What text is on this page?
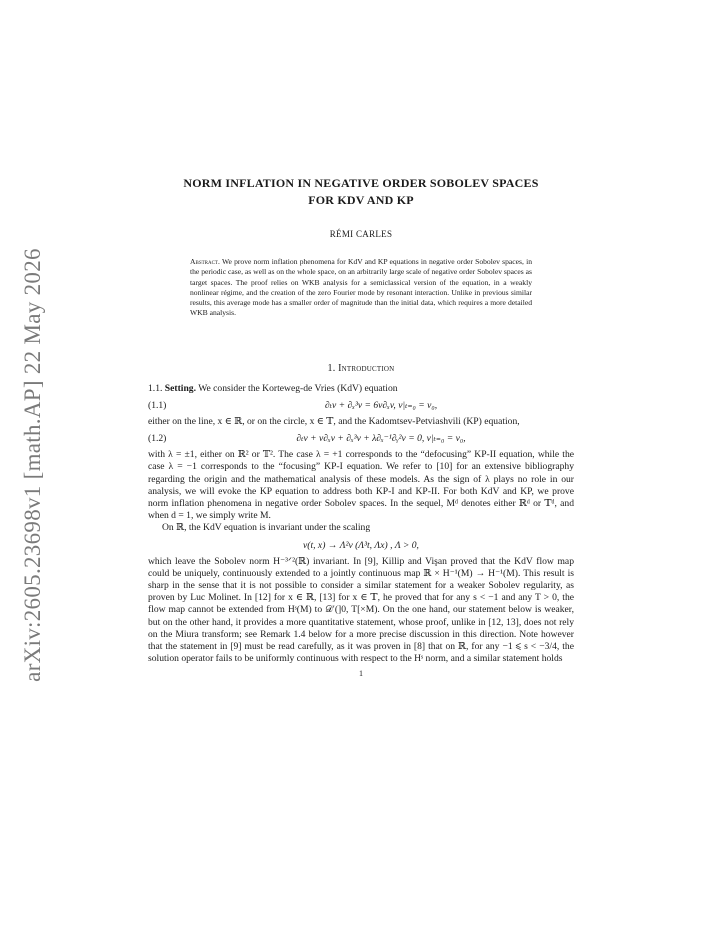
arXiv:2605.23698v1 [math.AP] 22 May 2026
NORM INFLATION IN NEGATIVE ORDER SOBOLEV SPACES
FOR KDV AND KP
RÉMI CARLES
Abstract. We prove norm inflation phenomena for KdV and KP equations in negative order Sobolev spaces, in the periodic case, as well as on the whole space, on an arbitrarily large scale of negative order Sobolev spaces as target spaces. The proof relies on WKB analysis for a semiclassical version of the equation, in a weakly nonlinear régime, and the creation of the zero Fourier mode by resonant interaction. Unlike in previous similar results, this average mode has a smaller order of magnitude than the initial data, which requires a more detailed WKB analysis.
1. Introduction

1.1. Setting. We consider the Korteweg-de Vries (KdV) equation

(1.1)	∂ₜv + ∂ₓ³v = 6v∂ₓv, v|ₜ₌₀ = v₀,

either on the line, x ∈ ℝ, or on the circle, x ∈ 𝕋, and the Kadomtsev-Petviashvili (KP) equation,

(1.2)	∂ₜv + v∂ₓv + ∂ₓ³v + λ∂ₓ⁻¹∂ᵧ²v = 0, v|ₜ₌₀ = v₀,

with λ = ±1, either on ℝ² or 𝕋². The case λ = +1 corresponds to the “defocusing” KP-II equation, while the case λ = −1 corresponds to the “focusing” KP-I equation. We refer to [10] for an extensive bibliography regarding the origin and the mathematical analysis of these models. As the sign of λ plays no role in our analysis, we will evoke the KP equation to address both KP-I and KP-II. For both KdV and KP, we prove norm inflation phenomena in negative order Sobolev spaces. In the sequel, Mᵈ denotes either ℝᵈ or 𝕋ᵈ, and when d = 1, we simply write M.

On ℝ, the KdV equation is invariant under the scaling

v(t, x) → Λ²v (Λ³t, Λx) , Λ > 0,

which leave the Sobolev norm H⁻³ᐟ²(ℝ) invariant. In [9], Killip and Vişan proved that the KdV flow map could be uniquely, continuously extended to a jointly continuous map ℝ × H⁻¹(M) → H⁻¹(M). This result is sharp in the sense that it is not possible to consider a similar statement for a weaker Sobolev regularity, as proven by Luc Molinet. In [12] for x ∈ ℝ, [13] for x ∈ 𝕋, he proved that for any s < −1 and any T > 0, the flow map cannot be extended from Hˢ(M) to 𝒟′(]0, T[×M). On the one hand, our statement below is weaker, but on the other hand, it provides a more quantitative statement, whose proof, unlike in [12, 13], does not rely on the Miura transform; see Remark 1.4 below for a more precise discussion in this direction. Note however that the statement in [9] must be read carefully, as it was proven in [8] that on ℝ, for any −1 ⩽ s < −3/4, the solution operator fails to be uniformly continuous with respect to the Hˢ norm, and a similar statement holds

1
